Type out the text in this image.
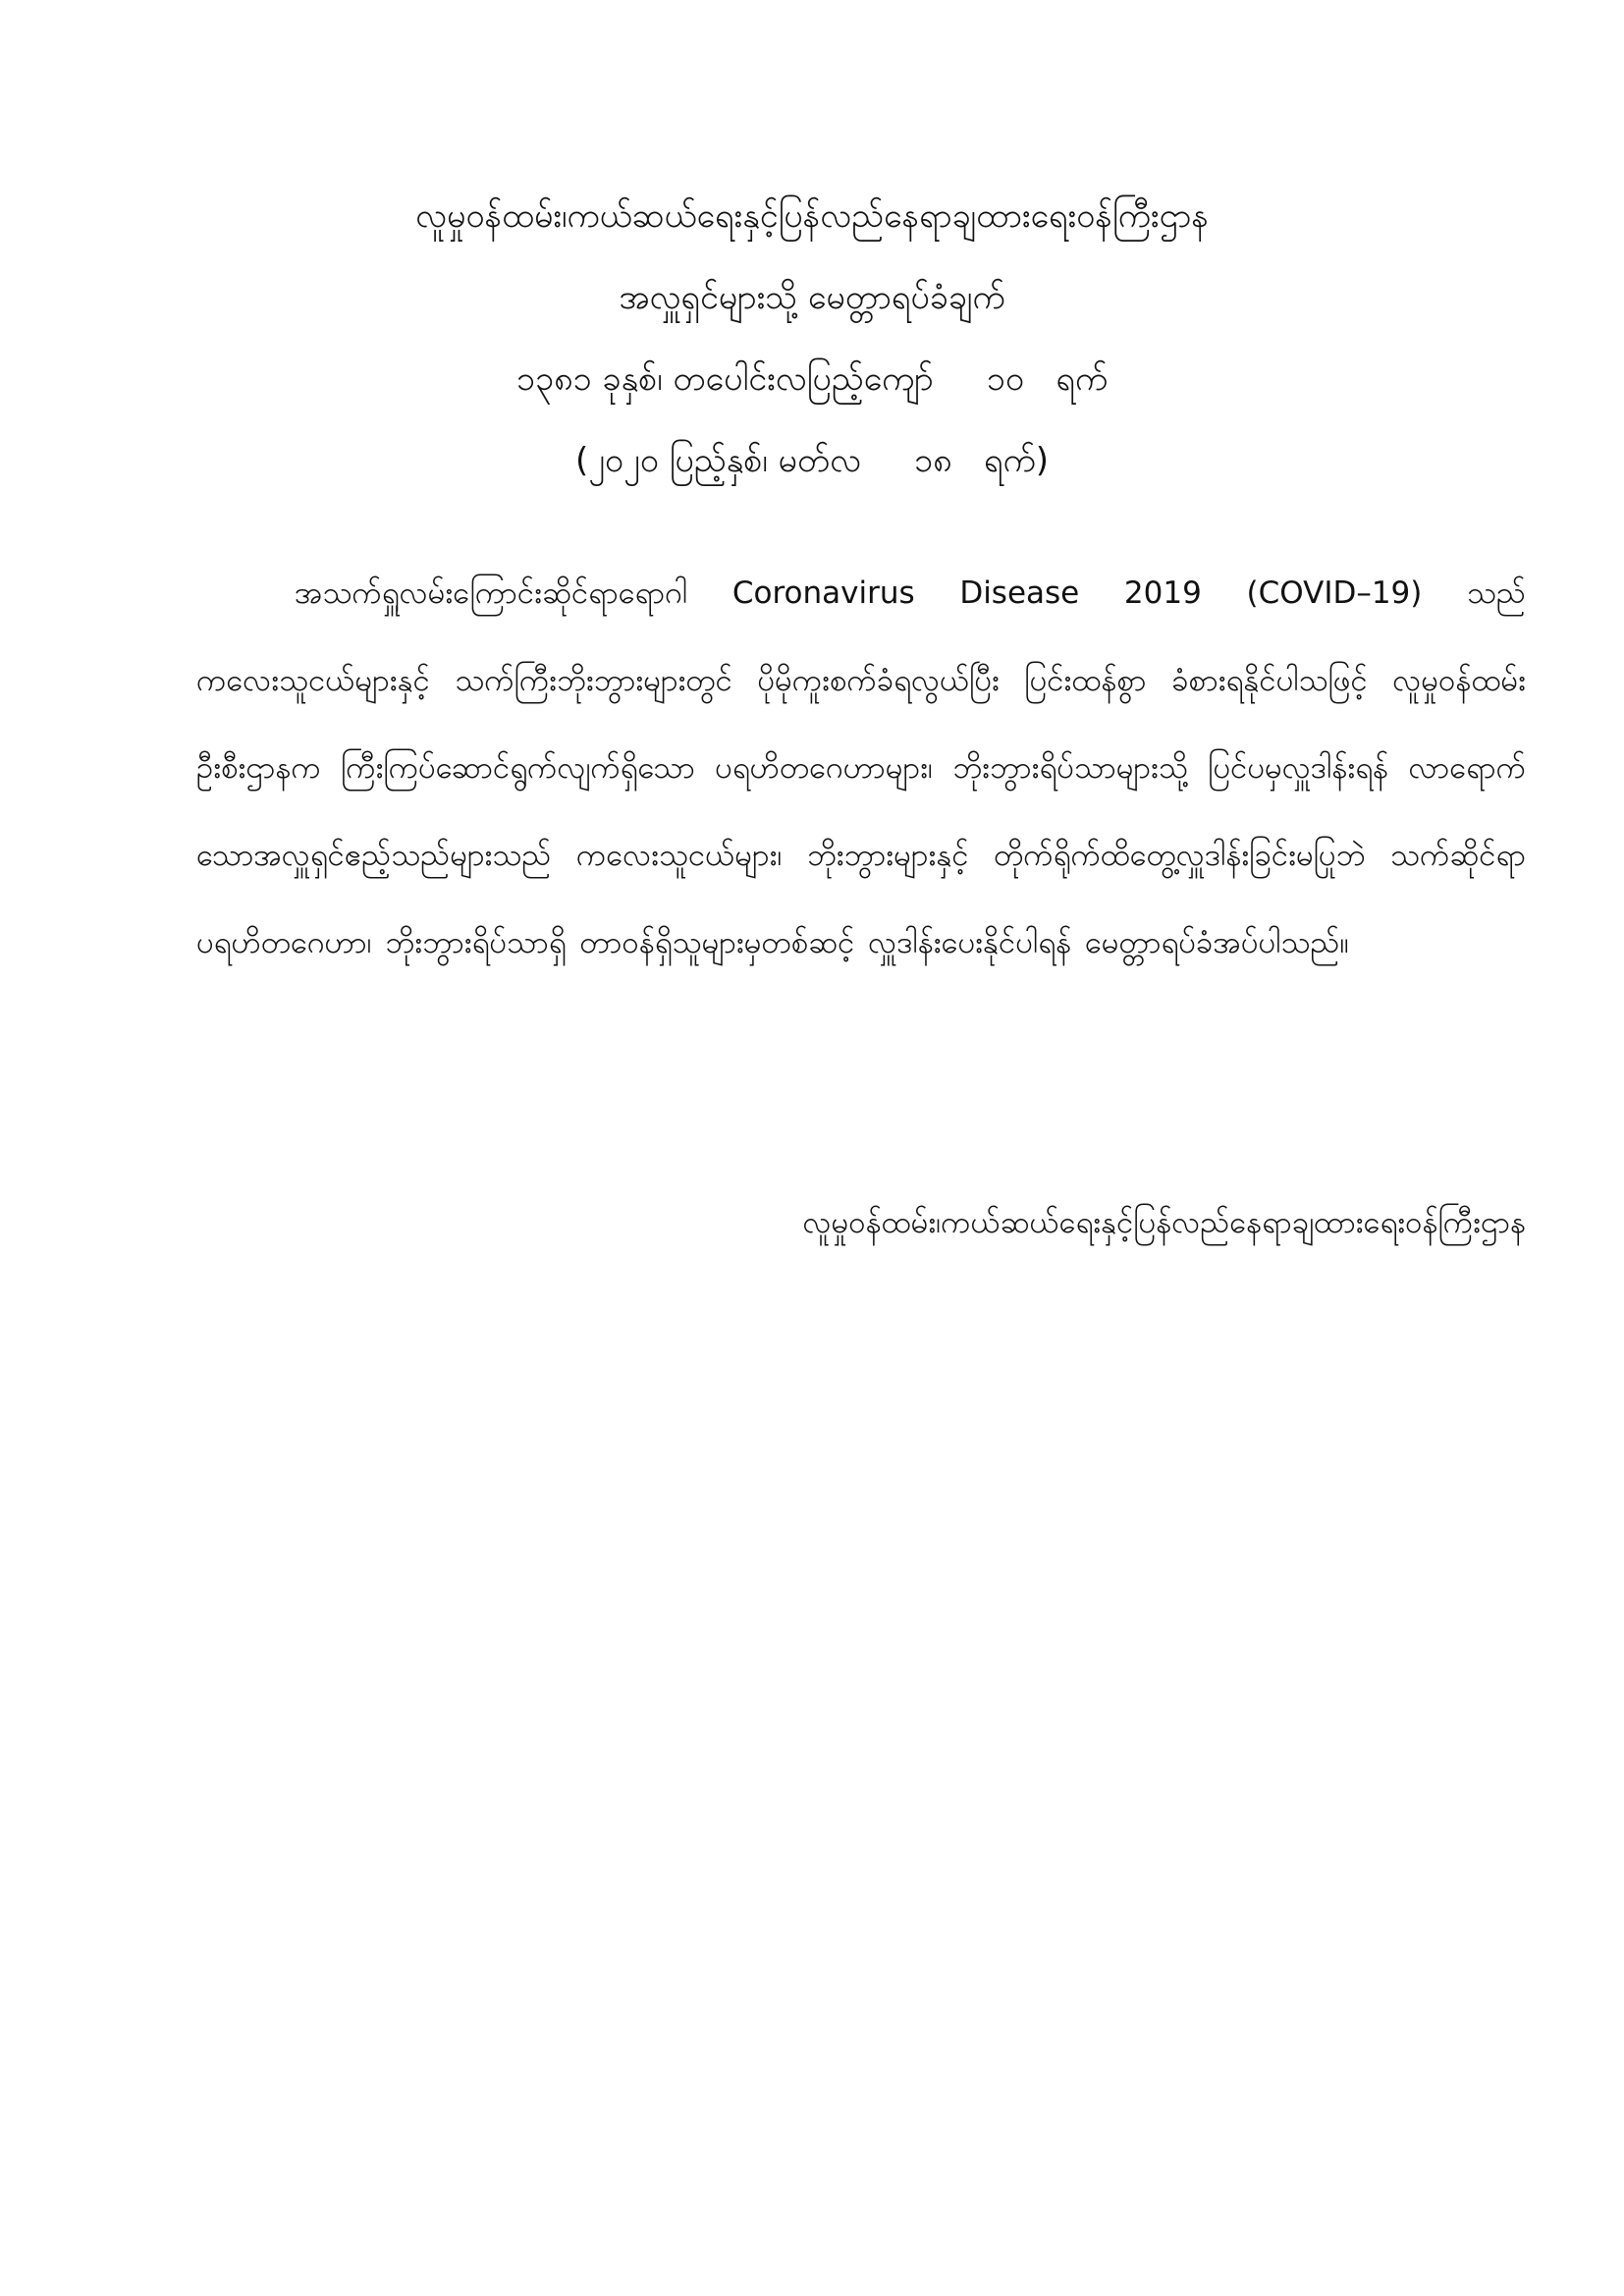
လူမှုဝန်ထမ်း၊ကယ်ဆယ်ရေးနှင့်ပြန်လည်နေရာချထားရေးဝန်ကြီးဌာန
အလှူရှင်များသို့ မေတ္တာရပ်ခံချက်
၁၃၈၁ ခုနှစ်၊ တပေါင်းလပြည့်ကျော်     ၁၀   ရက်
(၂၀၂၀ ပြည့်နှစ်၊ မတ်လ     ၁၈   ရက်)

အသက်ရှူလမ်းကြောင်းဆိုင်ရာရောဂါ Coronavirus Disease 2019 (COVID–19) သည် ကလေးသူငယ်များနှင့် သက်ကြီးဘိုးဘွားများတွင် ပိုမိုကူးစက်ခံရလွယ်ပြီး ပြင်းထန်စွာ ခံစားရနိုင်ပါသဖြင့် လူမှုဝန်ထမ်းဦးစီးဌာနက ကြီးကြပ်ဆောင်ရွက်လျက်ရှိသော ပရဟိတဂေဟာများ၊ ဘိုးဘွားရိပ်သာများသို့ ပြင်ပမှလှူဒါန်းရန် လာရောက်သောအလှူရှင်ဧည့်သည်များသည် ကလေးသူငယ်များ၊ ဘိုးဘွားများနှင့် တိုက်ရိုက်ထိတွေ့လှူဒါန်းခြင်းမပြုဘဲ သက်ဆိုင်ရာ ပရဟိတဂေဟာ၊ ဘိုးဘွားရိပ်သာရှိ တာဝန်ရှိသူများမှတစ်ဆင့် လှူဒါန်းပေးနိုင်ပါရန် မေတ္တာရပ်ခံအပ်ပါသည်။

လူမှုဝန်ထမ်း၊ကယ်ဆယ်ရေးနှင့်ပြန်လည်နေရာချထားရေးဝန်ကြီးဌာန
